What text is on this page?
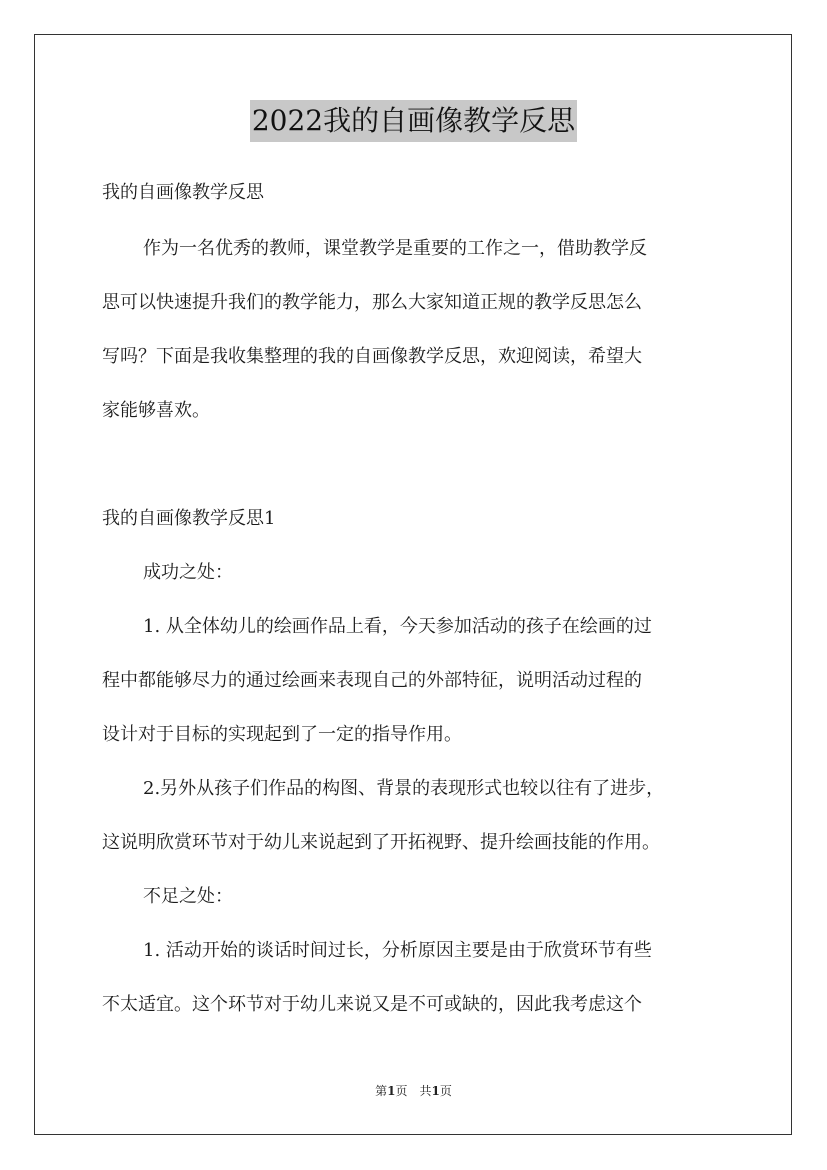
2022我的自画像教学反思
我的自画像教学反思
作为一名优秀的教师，课堂教学是重要的工作之一，借助教学反
思可以快速提升我们的教学能力，那么大家知道正规的教学反思怎么
写吗？下面是我收集整理的我的自画像教学反思，欢迎阅读，希望大
家能够喜欢。
我的自画像教学反思1
成功之处：
1. 从全体幼儿的绘画作品上看，今天参加活动的孩子在绘画的过
程中都能够尽力的通过绘画来表现自己的外部特征，说明活动过程的
设计对于目标的实现起到了一定的指导作用。
2.另外从孩子们作品的构图、背景的表现形式也较以往有了进步，
这说明欣赏环节对于幼儿来说起到了开拓视野、提升绘画技能的作用。
不足之处：
1. 活动开始的谈话时间过长，分析原因主要是由于欣赏环节有些
不太适宜。这个环节对于幼儿来说又是不可或缺的，因此我考虑这个
第1页　共1页
